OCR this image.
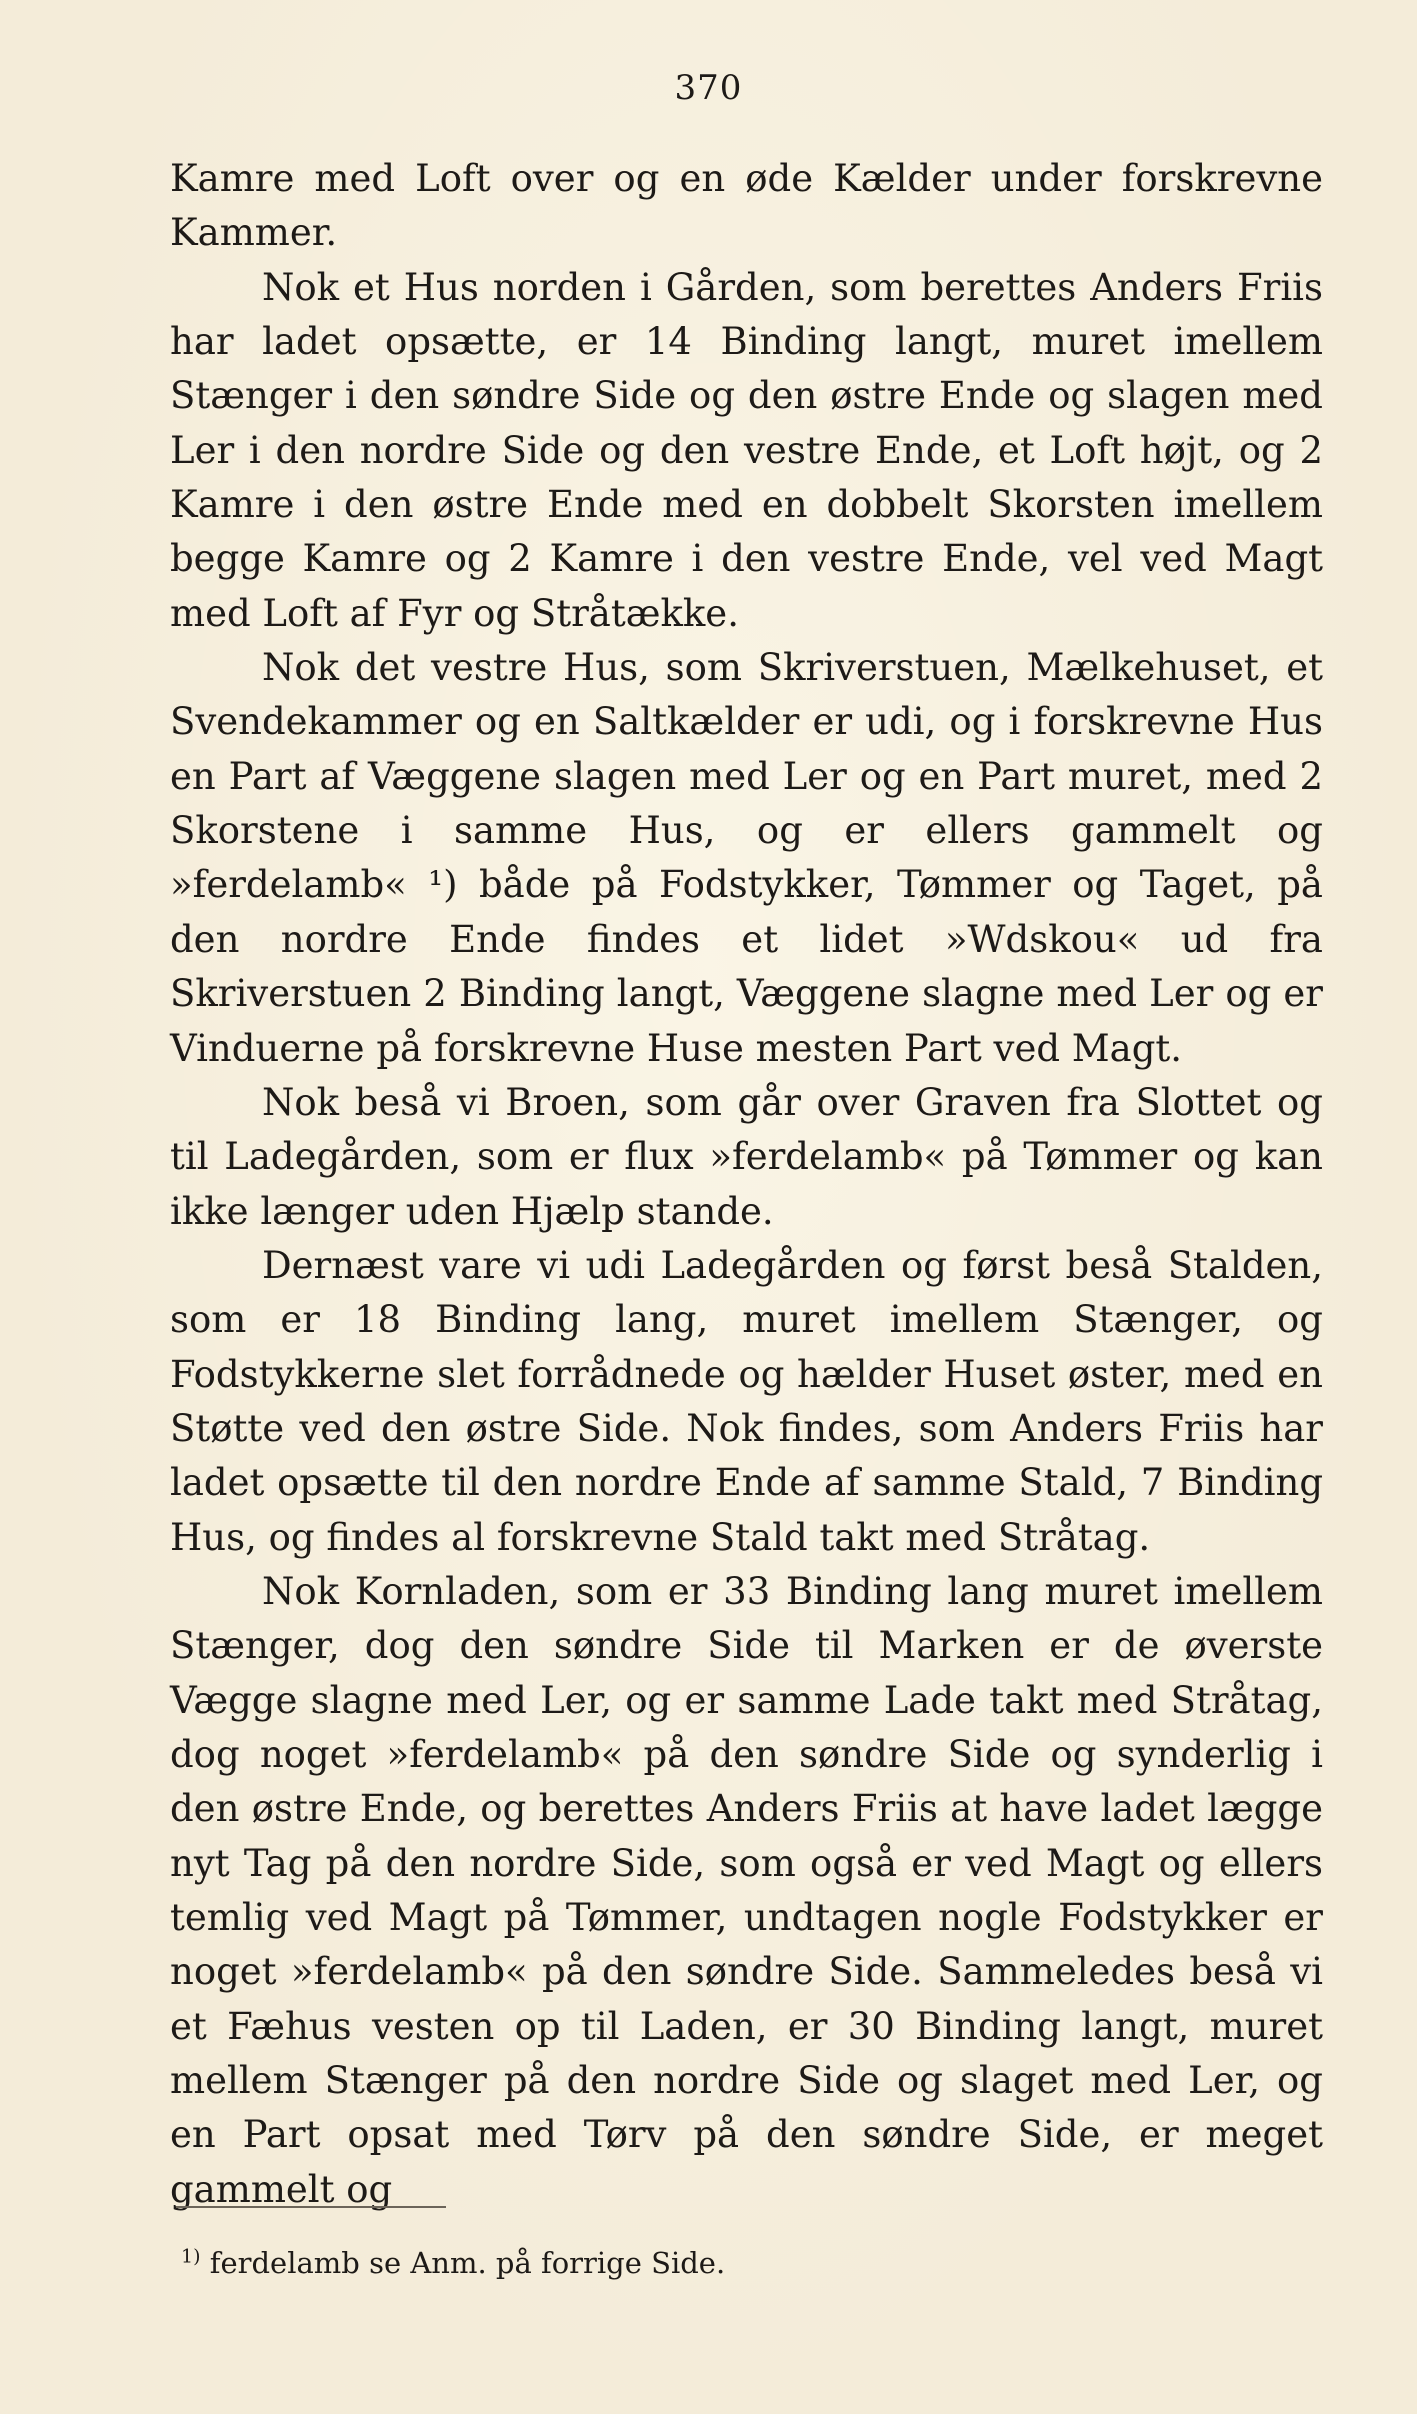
370

Kamre med Loft over og en øde Kælder under forskrevne Kammer.

Nok et Hus norden i Gården, som berettes Anders Friis har ladet opsætte, er 14 Binding langt, muret imellem Stænger i den søndre Side og den østre Ende og slagen med Ler i den nordre Side og den vestre Ende, et Loft højt, og 2 Kamre i den østre Ende med en dobbelt Skorsten imellem begge Kamre og 2 Kamre i den vestre Ende, vel ved Magt med Loft af Fyr og Stråtække.

Nok det vestre Hus, som Skriverstuen, Mælkehuset, et Svendekammer og en Saltkælder er udi, og i forskrevne Hus en Part af Væggene slagen med Ler og en Part muret, med 2 Skorstene i samme Hus, og er ellers gammelt og »ferdelamb« ¹) både på Fodstykker, Tømmer og Taget, på den nordre Ende findes et lidet »Wdskou« ud fra Skriverstuen 2 Binding langt, Væggene slagne med Ler og er Vinduerne på forskrevne Huse mesten Part ved Magt.

Nok beså vi Broen, som går over Graven fra Slottet og til Ladegården, som er flux »ferdelamb« på Tømmer og kan ikke længer uden Hjælp stande.

Dernæst vare vi udi Ladegården og først beså Stalden, som er 18 Binding lang, muret imellem Stænger, og Fodstykkerne slet forrådnede og hælder Huset øster, med en Støtte ved den østre Side. Nok findes, som Anders Friis har ladet opsætte til den nordre Ende af samme Stald, 7 Binding Hus, og findes al forskrevne Stald takt med Stråtag.

Nok Kornladen, som er 33 Binding lang muret imellem Stænger, dog den søndre Side til Marken er de øverste Vægge slagne med Ler, og er samme Lade takt med Stråtag, dog noget »ferdelamb« på den søndre Side og synderlig i den østre Ende, og berettes Anders Friis at have ladet lægge nyt Tag på den nordre Side, som også er ved Magt og ellers temlig ved Magt på Tømmer, undtagen nogle Fodstykker er noget »ferdelamb« på den søndre Side. Sammeledes beså vi et Fæhus vesten op til Laden, er 30 Binding langt, muret mellem Stænger på den nordre Side og slaget med Ler, og en Part opsat med Tørv på den søndre Side, er meget gammelt og

$^{1)}$ ferdelamb se Anm. på forrige Side.
